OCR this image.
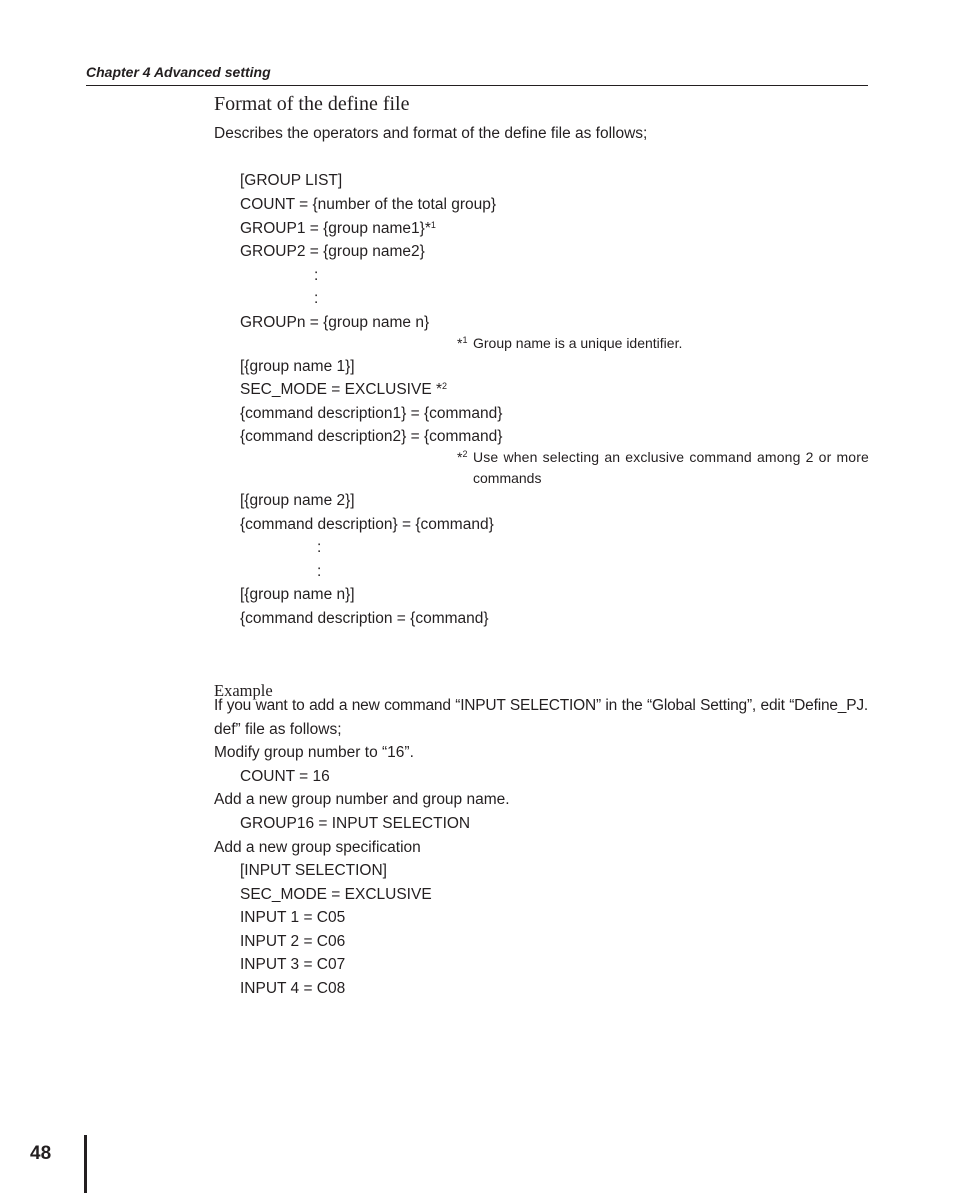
Chapter 4 Advanced setting
Format of the define file
Describes the operators and format of the define file as follows;
[GROUP LIST]
COUNT = {number of the total group}
GROUP1 = {group name1}*$^1$
GROUP2 = {group name2}
:
:
GROUPn = {group name n}
*$^1$ Group name is a unique identifier.
[{group name 1}]
SEC_MODE = EXCLUSIVE *$^2$
{command description1} = {command}
{command description2} = {command}
*$^2$ Use when selecting an exclusive command among 2 or more
commands
[{group name 2}]
{command description} = {command}
:
:
[{group name n}]
{command description = {command}
Example
If you want to add a new command “INPUT SELECTION” in the “Global Setting”, edit “Define_PJ.
def” file as follows;
Modify group number to “16”.
COUNT = 16
Add a new group number and group name.
GROUP16 = INPUT SELECTION
Add a new group specification
[INPUT SELECTION]
SEC_MODE = EXCLUSIVE
INPUT 1 = C05
INPUT 2 = C06
INPUT 3 = C07
INPUT 4 = C08
48
